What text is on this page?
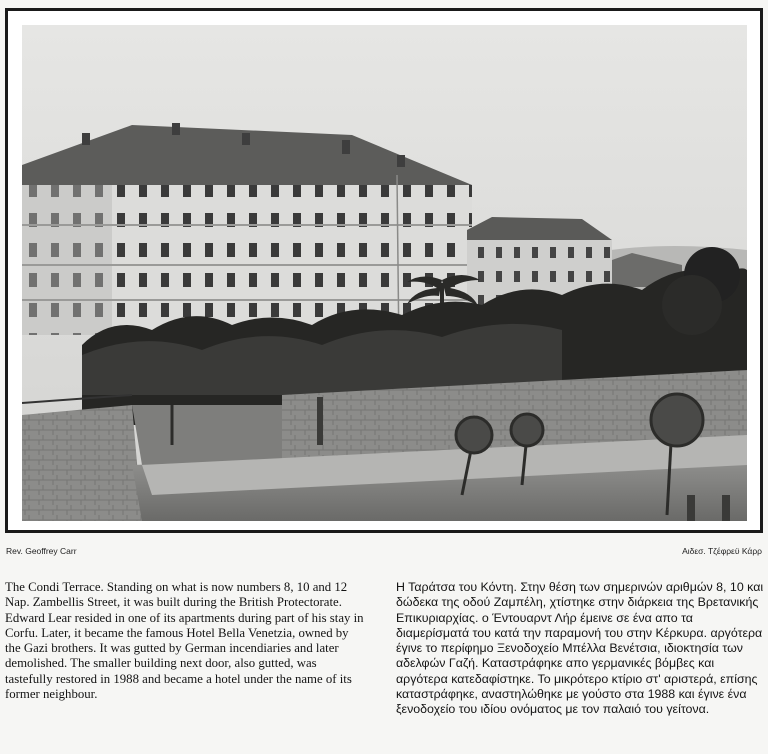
Rev. Geoffrey Carr	Αιδεσ. Τζέφρεϋ Κάρρ

The Condi Terrace. Standing on what is now numbers 8, 10 and 12 Nap. Zambellis Street, it was built during the British Protectorate. Edward Lear resided in one of its apartments during part of his stay in Corfu. Later, it became the famous Hotel Bella Venetzia, owned by the Gazi brothers. It was gutted by German incendiaries and later demolished. The smaller building next door, also gutted, was tastefully restored in 1988 and became a hotel under the name of its former neighbour.

Η Ταράτσα του Κόντη. Στην θέση των σημερινών αριθμών 8, 10 και δώδεκα της οδού Ζαμπέλη, χτίστηκε στην διάρκεια της Βρετανικής Επικυριαρχίας. ο Έντουαρντ Λήρ έμεινε σε ένα απο τα διαμερίσματά του κατά την παραμονή του στην Κέρκυρα. αργότερα έγινε το περίφημο Ξενοδοχείο Μπέλλα Βενέτσια, ιδιοκτησία των αδελφών Γαζή. Καταστράφηκε απο γερμανικές βόμβες και αργότερα κατεδαφίστηκε. Το μικρότερο κτίριο στ' αριστερά, επίσης καταστράφηκε, αναστηλώθηκε με γούστο στα 1988 και έγινε ένα ξενοδοχείο του ιδίου ονόματος με τον παλαιό του γείτονα.
